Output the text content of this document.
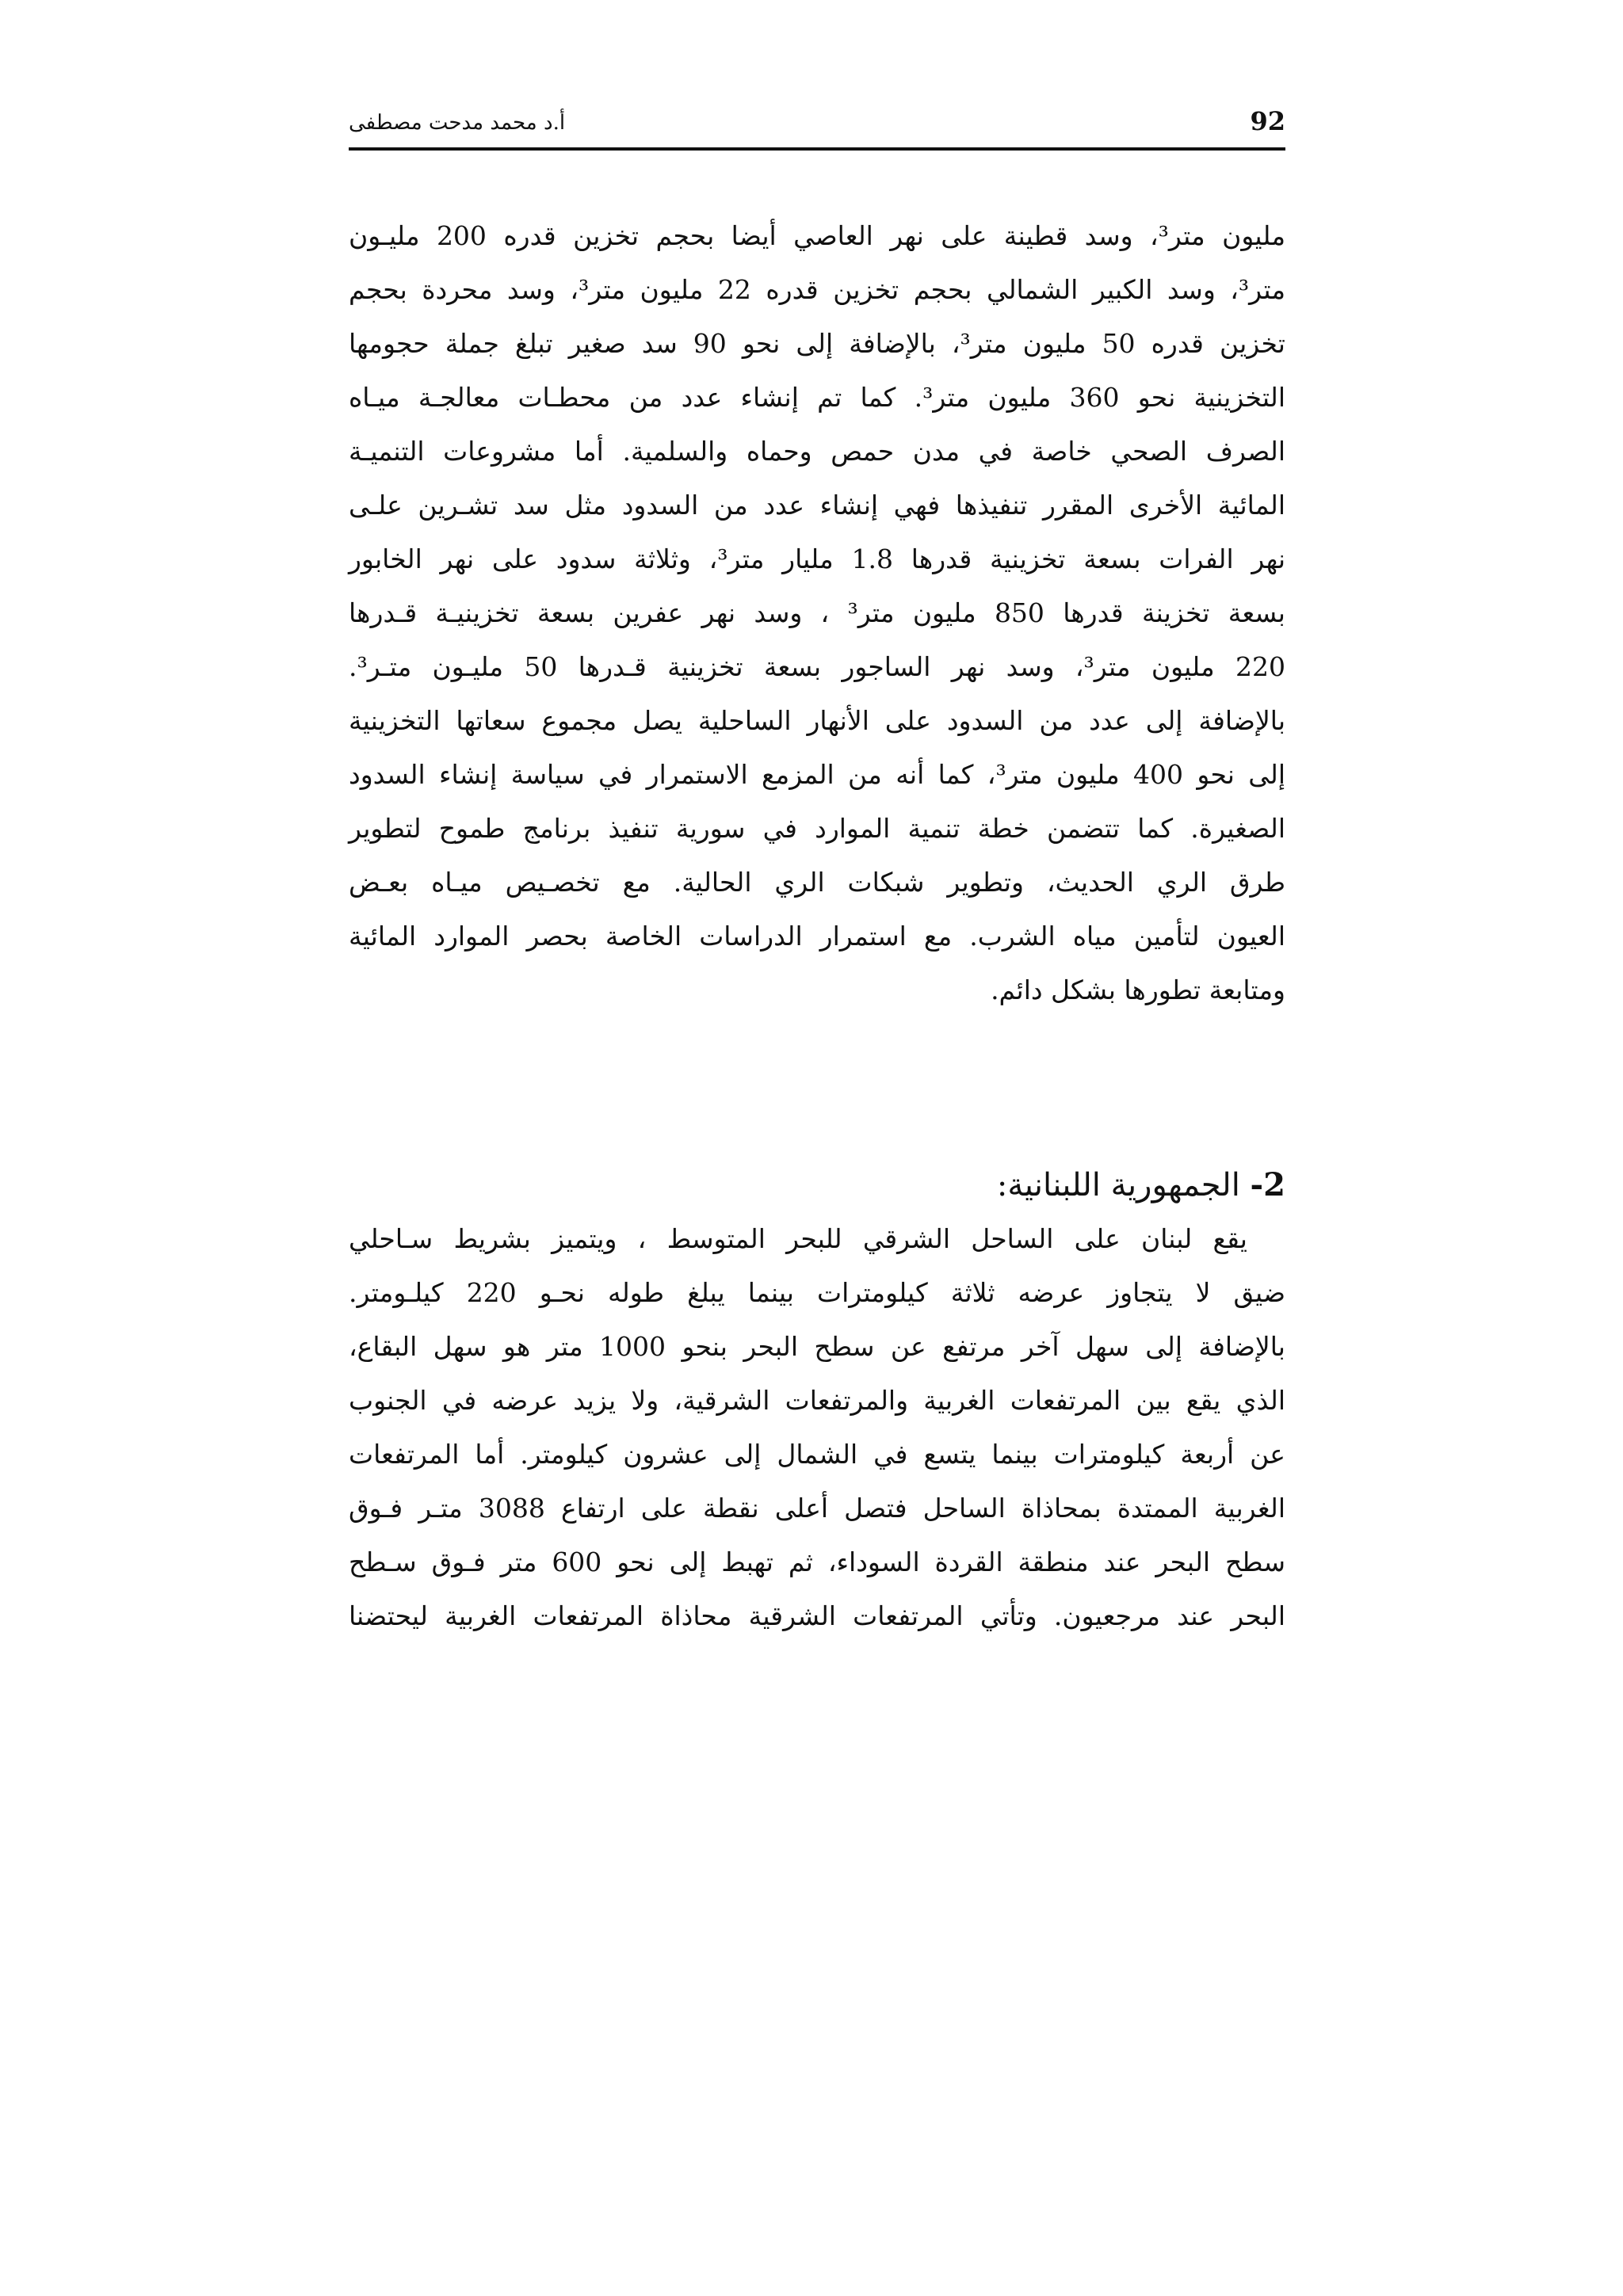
أ.د محمد مدحت مصطفى	92
مليون متر³، وسد قطينة على نهر العاصي أيضا بحجم تخزين قدره 200 مليـون
متر³، وسد الكبير الشمالي بحجم تخزين قدره 22 مليون متر³، وسد محردة بحجم
تخزين قدره 50 مليون متر³، بالإضافة إلى نحو 90 سد صغير تبلغ جملة حجومها
التخزينية نحو 360 مليون متر³. كما تم إنشاء عدد من محطـات معالجـة ميـاه
الصرف الصحي خاصة في مدن حمص وحماه والسلمية. أما مشروعات التنميـة
المائية الأخرى المقرر تنفيذها فهي إنشاء عدد من السدود مثل سد تشـرين علـى
نهر الفرات بسعة تخزينية قدرها 1.8 مليار متر³، وثلاثة سدود على نهر الخابور
بسعة تخزينة قدرها 850 مليون متر³ ، وسد نهر عفرين بسعة تخزينيـة قـدرها
220 مليون متر³، وسد نهر الساجور بسعة تخزينية قـدرها 50 مليـون متـر³.
بالإضافة إلى عدد من السدود على الأنهار الساحلية يصل مجموع سعاتها التخزينية
إلى نحو 400 مليون متر³، كما أنه من المزمع الاستمرار في سياسة إنشاء السدود
الصغيرة. كما تتضمن خطة تنمية الموارد في سورية تنفيذ برنامج طموح لتطوير
طرق الري الحديث، وتطوير شبكات الري الحالية. مع تخصـيص ميـاه بعـض
العيون لتأمين مياه الشرب. مع استمرار الدراسات الخاصة بحصر الموارد المائية
ومتابعة تطورها بشكل دائم.
2- الجمهورية اللبنانية:
يقع لبنان على الساحل الشرقي للبحر المتوسط ، ويتميز بشريط سـاحلي
ضيق لا يتجاوز عرضه ثلاثة كيلومترات بينما يبلغ طوله نحـو 220 كيلـومتر.
بالإضافة إلى سهل آخر مرتفع عن سطح البحر بنحو 1000 متر هو سهل البقاع،
الذي يقع بين المرتفعات الغربية والمرتفعات الشرقية، ولا يزيد عرضه في الجنوب
عن أربعة كيلومترات بينما يتسع في الشمال إلى عشرون كيلومتر. أما المرتفعات
الغربية الممتدة بمحاذاة الساحل فتصل أعلى نقطة على ارتفاع 3088 متـر فـوق
سطح البحر عند منطقة القردة السوداء، ثم تهبط إلى نحو 600 متر فـوق سـطح
البحر عند مرجعيون. وتأتي المرتفعات الشرقية محاذاة المرتفعات الغربية ليحتضنا
